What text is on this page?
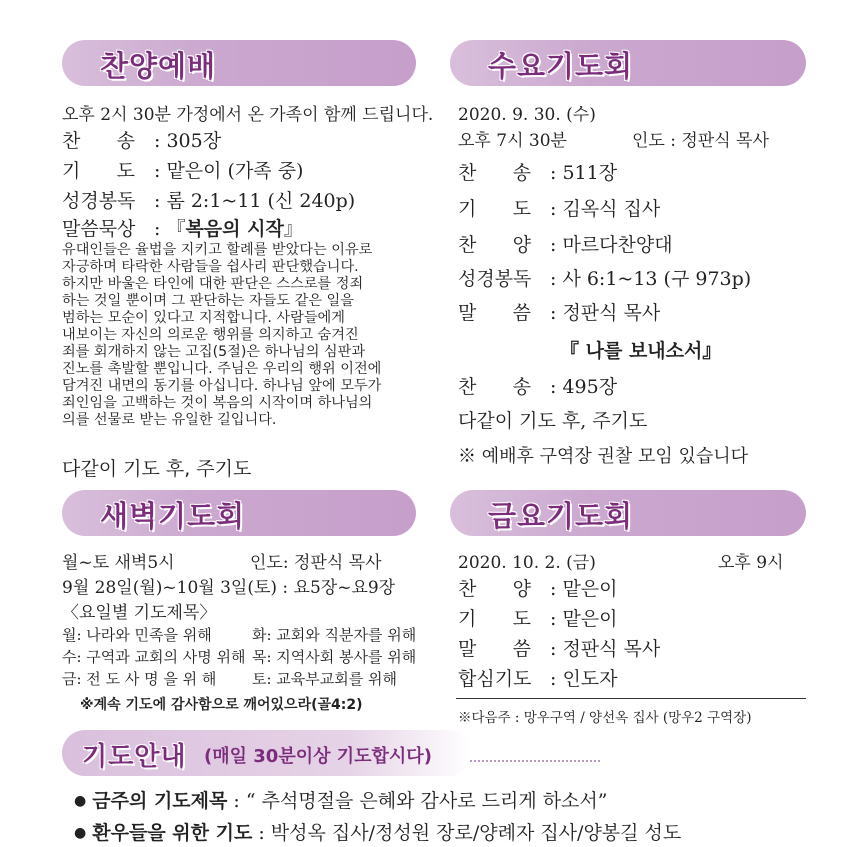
찬양예배
오후 2시 30분 가정에서 온 가족이 함께 드립니다.
찬      송 : 305장
기      도 : 맡은이 (가족 중)
성경봉독 : 롬 2:1~11 (신 240p)
말씀묵상 : 『복음의 시작』
유대인들은 율법을 지키고 할례를 받았다는 이유로
자긍하며 타락한 사람들을 쉽사리 판단했습니다.
하지만 바울은 타인에 대한 판단은 스스로를 정죄
하는 것일 뿐이며 그 판단하는 자들도 같은 일을
범하는 모순이 있다고 지적합니다. 사람들에게
내보이는 자신의 의로운 행위를 의지하고 숨겨진
죄를 회개하지 않는 고집(5절)은 하나님의 심판과
진노를 촉발할 뿐입니다. 주님은 우리의 행위 이전에
담겨진 내면의 동기를 아십니다. 하나님 앞에 모두가
죄인임을 고백하는 것이 복음의 시작이며 하나님의
의를 선물로 받는 유일한 길입니다.
다같이 기도 후, 주기도
수요기도회
2020. 9. 30. (수)
오후 7시 30분	인도 : 정판식 목사
찬      송 : 511장
기      도 : 김옥식 집사
찬      양 : 마르다찬양대
성경봉독 : 사 6:1~13 (구 973p)
말      씀 : 정판식 목사
『 나를 보내소서』
찬      송 : 495장
다같이 기도 후, 주기도
※ 예배후 구역장 권찰 모임 있습니다
새벽기도회
월~토 새벽5시	인도: 정판식 목사
9월 28일(월)~10월 3일(토) : 요5장~요9장
〈요일별 기도제목〉
월: 나라와 민족을 위해	화: 교회와 직분자를 위해
수: 구역과 교회의 사명 위해 목: 지역사회 봉사를 위해
금: 전 도 사 명 을 위 해 토: 교육부교회를 위해
※계속 기도에 감사함으로 깨어있으라(골4:2)
금요기도회
2020. 10. 2. (금)	오후 9시
찬      양 : 맡은이
기      도 : 맡은이
말      씀 : 정판식 목사
합심기도 : 인도자
※다음주 : 망우구역 / 양선옥 집사 (망우2 구역장)
기도안내 (매일 30분이상 기도합시다)
● 금주의 기도제목 : “ 추석명절을 은혜와 감사로 드리게 하소서”
● 환우들을 위한 기도 : 박성옥 집사/정성원 장로/양례자 집사/양봉길 성도
